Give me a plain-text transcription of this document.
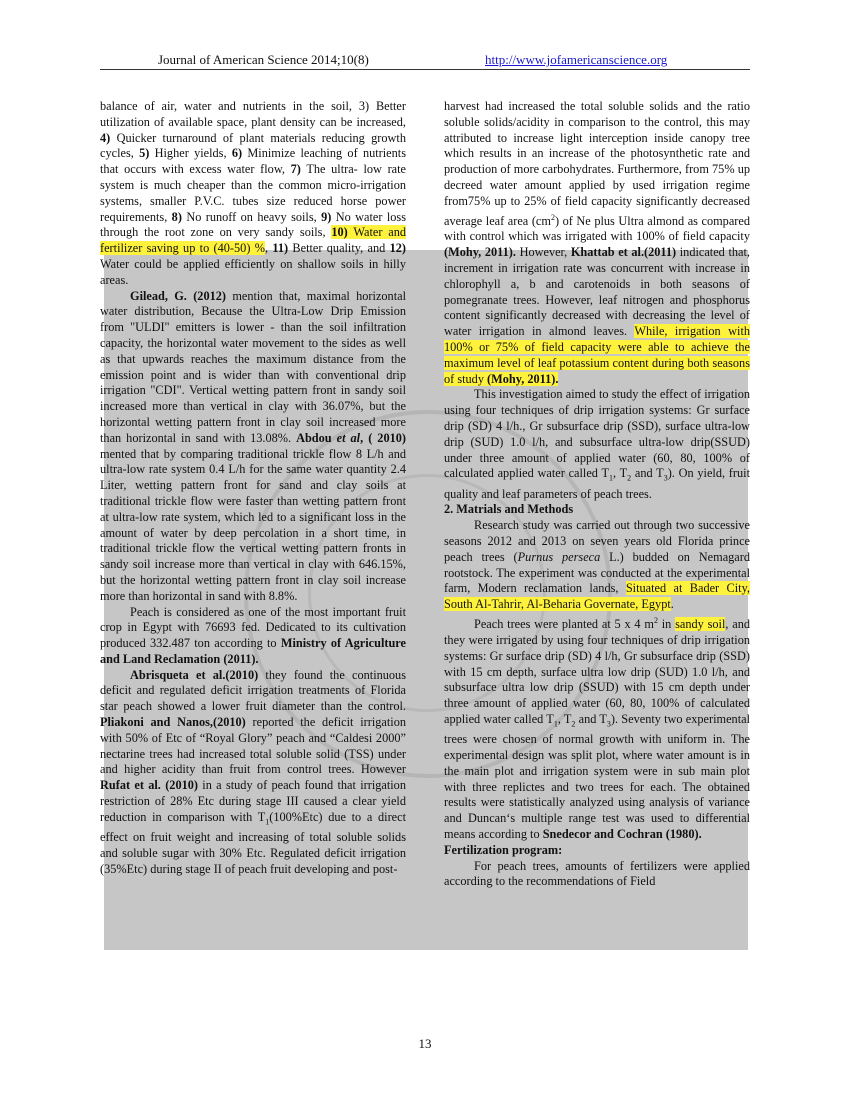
Journal of American Science 2014;10(8)	http://www.jofamericanscience.org

balance of air, water and nutrients in the soil, 3) Better utilization of available space, plant density can be increased, 4) Quicker turnaround of plant materials reducing growth cycles, 5) Higher yields, 6) Minimize leaching of nutrients that occurs with excess water flow, 7) The ultra- low rate system is much cheaper than the common micro-irrigation systems, smaller P.V.C. tubes size reduced horse power requirements, 8) No runoff on heavy soils, 9) No water loss through the root zone on very sandy soils, 10) Water and fertilizer saving up to (40-50) %, 11) Better quality, and 12) Water could be applied efficiently on shallow soils in hilly areas.

Gilead, G. (2012) mention that, maximal horizontal water distribution, Because the Ultra-Low Drip Emission from "ULDI" emitters is lower - than the soil infiltration capacity, the horizontal water movement to the sides as well as that upwards reaches the maximum distance from the emission point and is wider than with conventional drip irrigation "CDI". Vertical wetting pattern front in sandy soil increased more than vertical in clay with 36.07%, but the horizontal wetting pattern front in clay soil increased more than horizontal in sand with 13.08%. Abdou et al, ( 2010) mented that by comparing traditional trickle flow 8 L/h and ultra-low rate system 0.4 L/h for the same water quantity 2.4 Liter, wetting pattern front for sand and clay soils at traditional trickle flow were faster than wetting pattern front at ultra-low rate system, which led to a significant loss in the amount of water by deep percolation in a short time, in traditional trickle flow the vertical wetting pattern fronts in sandy soil increase more than vertical in clay with 646.15%, but the horizontal wetting pattern front in clay soil increase more than horizontal in sand with 8.8%.

Peach is considered as one of the most important fruit crop in Egypt with 76693 fed. Dedicated to its cultivation produced 332.487 ton according to Ministry of Agriculture and Land Reclamation (2011).

Abrisqueta et al.(2010) they found the continuous deficit and regulated deficit irrigation treatments of Florida star peach showed a lower fruit diameter than the control. Pliakoni and Nanos,(2010) reported the deficit irrigation with 50% of Etc of “Royal Glory” peach and “Caldesi 2000” nectarine trees had increased total soluble solid (TSS) under and higher acidity than fruit from control trees. However Rufat et al. (2010) in a study of peach found that irrigation restriction of 28% Etc during stage III caused a clear yield reduction in comparison with $T_1(100\%Etc)$ due to a direct effect on fruit weight and increasing of total soluble solids and soluble sugar with 30% Etc. Regulated deficit irrigation (35%Etc) during stage II of peach fruit developing and post-

harvest had increased the total soluble solids and the ratio soluble solids/acidity in comparison to the control, this may attributed to increase light interception inside canopy tree which results in an increase of the photosynthetic rate and production of more carbohydrates. Furthermore, from 75% up decreed water amount applied by used irrigation regime from75% up to 25% of field capacity significantly decreased average leaf area $(cm^2)$ of Ne plus Ultra almond as compared with control which was irrigated with 100% of field capacity (Mohy, 2011). However, Khattab et al.(2011) indicated that, increment in irrigation rate was concurrent with increase in chlorophyll a, b and carotenoids in both seasons of pomegranate trees. However, leaf nitrogen and phosphorus content significantly decreased with decreasing the level of water irrigation in almond leaves. While, irrigation with 100% or 75% of field capacity were able to achieve the maximum level of leaf potassium content during both seasons of study (Mohy, 2011).

This investigation aimed to study the effect of irrigation using four techniques of drip irrigation systems: Gr surface drip (SD) 4 l/h., Gr subsurface drip (SSD), surface ultra-low drip (SUD) 1.0 l/h, and subsurface ultra-low drip(SSUD) under three amount of applied water (60, 80, 100% of calculated applied water called $T_1$, $T_2$ and $T_3$). On yield, fruit quality and leaf parameters of peach trees.

2. Matrials and Methods

Research study was carried out through two successive seasons 2012 and 2013 on seven years old Florida prince peach trees (Purnus perseca L.) budded on Nemagard rootstock. The experiment was conducted at the experimental farm, Modern reclamation lands, Situated at Bader City, South Al-Tahrir, Al-Beharia Governate, Egypt.

Peach trees were planted at 5 x 4 $m^2$ in sandy soil, and they were irrigated by using four techniques of drip irrigation systems: Gr surface drip (SD) 4 l/h, Gr subsurface drip (SSD) with 15 cm depth, surface ultra low drip (SUD) 1.0 l/h, and subsurface ultra low drip (SSUD) with 15 cm depth under three amount of applied water (60, 80, 100% of calculated applied water called $T_1$, $T_2$ and $T_3$). Seventy two experimental trees were chosen of normal growth with uniform in. The experimental design was split plot, where water amount is in the main plot and irrigation system were in sub main plot with three replictes and two trees for each. The obtained results were statistically analyzed using analysis of variance and Duncan‘s multiple range test was used to differential means according to Snedecor and Cochran (1980).

Fertilization program:

For peach trees, amounts of fertilizers were applied according to the recommendations of Field

13
